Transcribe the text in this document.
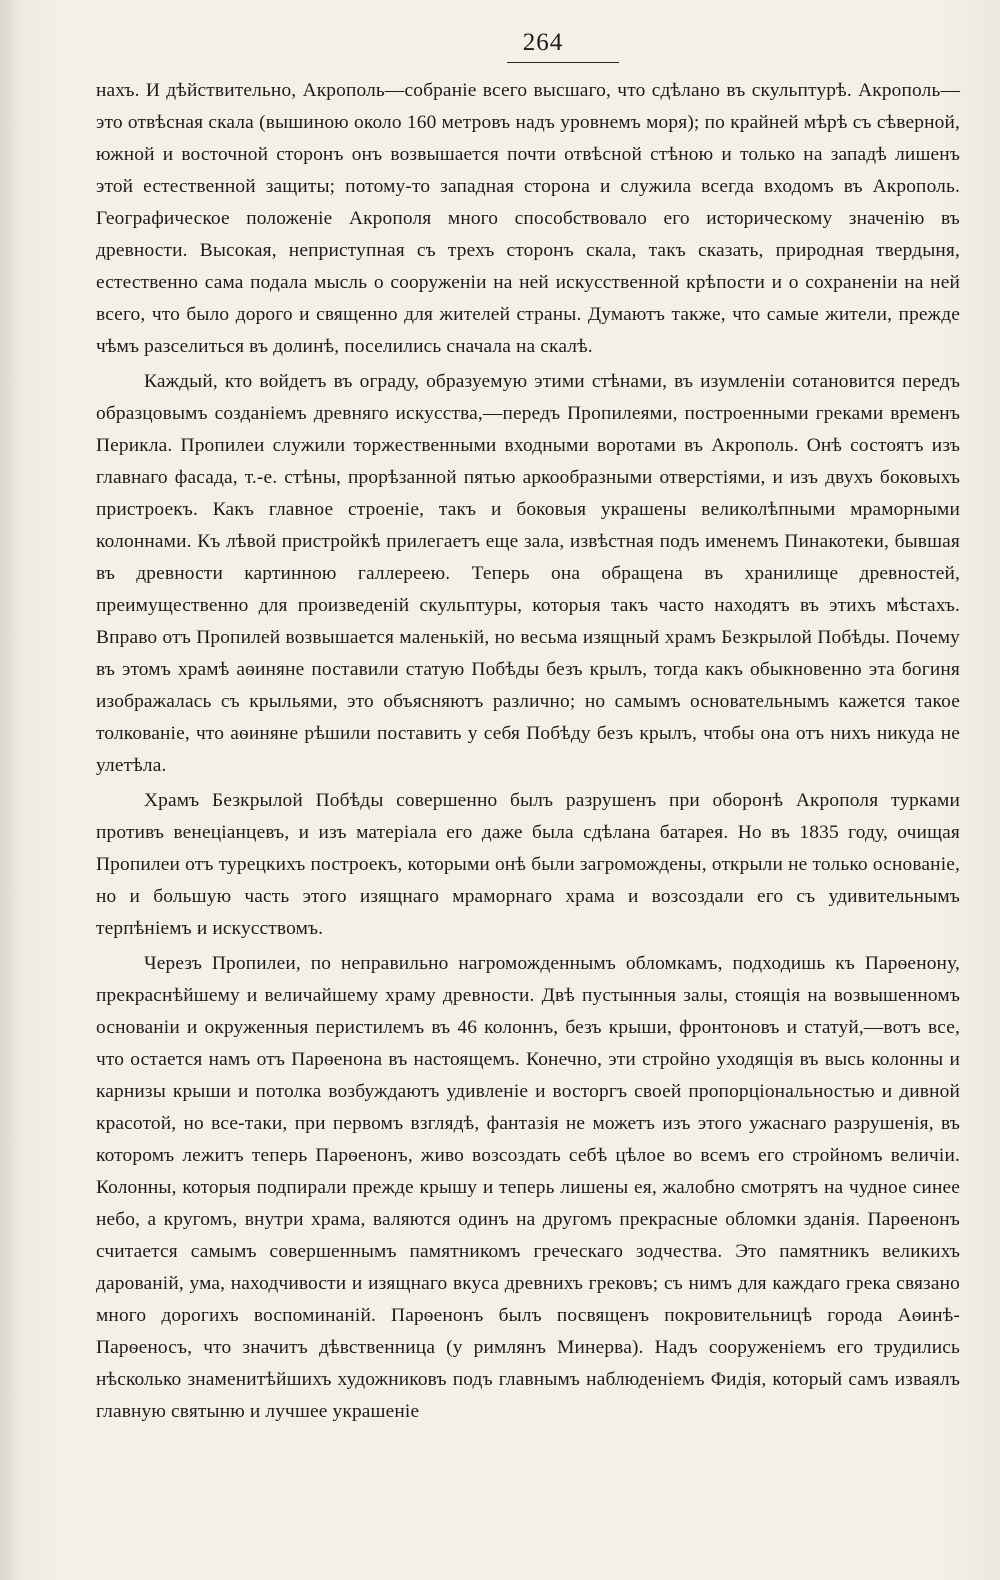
264

нахъ. И дѣйствительно, Акрополь—собраніе всего высшаго, что сдѣлано въ скульптурѣ. Акрополь—это отвѣсная скала (вышиною около 160 метровъ надъ уровнемъ моря); по крайней мѣрѣ съ сѣверной, южной и восточной сторонъ онъ возвышается почти отвѣсной стѣною и только на западѣ лишенъ этой естественной защиты; потому-то западная сторона и служила всегда входомъ въ Акрополь. Географическое положеніе Акрополя много способствовало его историческому значенію въ древности. Высокая, неприступная съ трехъ сторонъ скала, такъ сказать, природная твердыня, естественно сама подала мысль о сооруженіи на ней искусственной крѣпости и о сохраненіи на ней всего, что было дорого и священно для жителей страны. Думаютъ также, что самые жители, прежде чѣмъ разселиться въ долинѣ, поселились сначала на скалѣ.

Каждый, кто войдетъ въ ограду, образуемую этими стѣнами, въ изумленіи сотановится передъ образцовымъ созданіемъ древняго искусства,—передъ Пропилеями, построенными греками временъ Перикла. Пропилеи служили торжественными входными воротами въ Акрополь. Онѣ состоятъ изъ главнаго фасада, т.-е. стѣны, прорѣзанной пятью аркообразными отверстіями, и изъ двухъ боковыхъ пристроекъ. Какъ главное строеніе, такъ и боковыя украшены великолѣпными мраморными колоннами. Къ лѣвой пристройкѣ прилегаетъ еще зала, извѣстная подъ именемъ Пинакотеки, бывшая въ древности картинною галлереею. Теперь она обращена въ хранилище древностей, преимущественно для произведеній скульптуры, которыя такъ часто находятъ въ этихъ мѣстахъ. Вправо отъ Пропилей возвышается маленькій, но весьма изящный храмъ Безкрылой Побѣды. Почему въ этомъ храмѣ аѳиняне поставили статую Побѣды безъ крылъ, тогда какъ обыкновенно эта богиня изображалась съ крыльями, это объясняютъ различно; но самымъ основательнымъ кажется такое толкованіе, что аѳиняне рѣшили поставить у себя Побѣду безъ крылъ, чтобы она отъ нихъ никуда не улетѣла.

Храмъ Безкрылой Побѣды совершенно былъ разрушенъ при оборонѣ Акрополя турками противъ венеціанцевъ, и изъ матеріала его даже была сдѣлана батарея. Но въ 1835 году, очищая Пропилеи отъ турецкихъ построекъ, которыми онѣ были загромождены, открыли не только основаніе, но и большую часть этого изящнаго мраморнаго храма и возсоздали его съ удивительнымъ терпѣніемъ и искусствомъ.

Черезъ Пропилеи, по неправильно нагроможденнымъ обломкамъ, подходишь къ Парѳенону, прекраснѣйшему и величайшему храму древности. Двѣ пустынныя залы, стоящія на возвышенномъ основаніи и окруженныя перистилемъ въ 46 колоннъ, безъ крыши, фронтоновъ и статуй,—вотъ все, что остается намъ отъ Парѳенона въ настоящемъ. Конечно, эти стройно уходящія въ высь колонны и карнизы крыши и потолка возбуждаютъ удивленіе и восторгъ своей пропорціональностью и дивной красотой, но все-таки, при первомъ взглядѣ, фантазія не можетъ изъ этого ужаснаго разрушенія, въ которомъ лежитъ теперь Парѳенонъ, живо возсоздать себѣ цѣлое во всемъ его стройномъ величіи. Колонны, которыя подпирали прежде крышу и теперь лишены ея, жалобно смотрятъ на чудное синее небо, а кругомъ, внутри храма, валяются одинъ на другомъ прекрасные обломки зданія. Парѳенонъ считается самымъ совершеннымъ памятникомъ греческаго зодчества. Это памятникъ великихъ дарованій, ума, находчивости и изящнаго вкуса древнихъ грековъ; съ нимъ для каждаго грека связано много дорогихъ воспоминаній. Парѳенонъ былъ посвященъ покровительницѣ города Аѳинѣ-Парѳеносъ, что значитъ дѣвственница (у римлянъ Минерва). Надъ сооруженіемъ его трудились нѣсколько знаменитѣйшихъ художниковъ подъ главнымъ наблюденіемъ Фидія, который самъ изваялъ главную святыню и лучшее украшеніе
